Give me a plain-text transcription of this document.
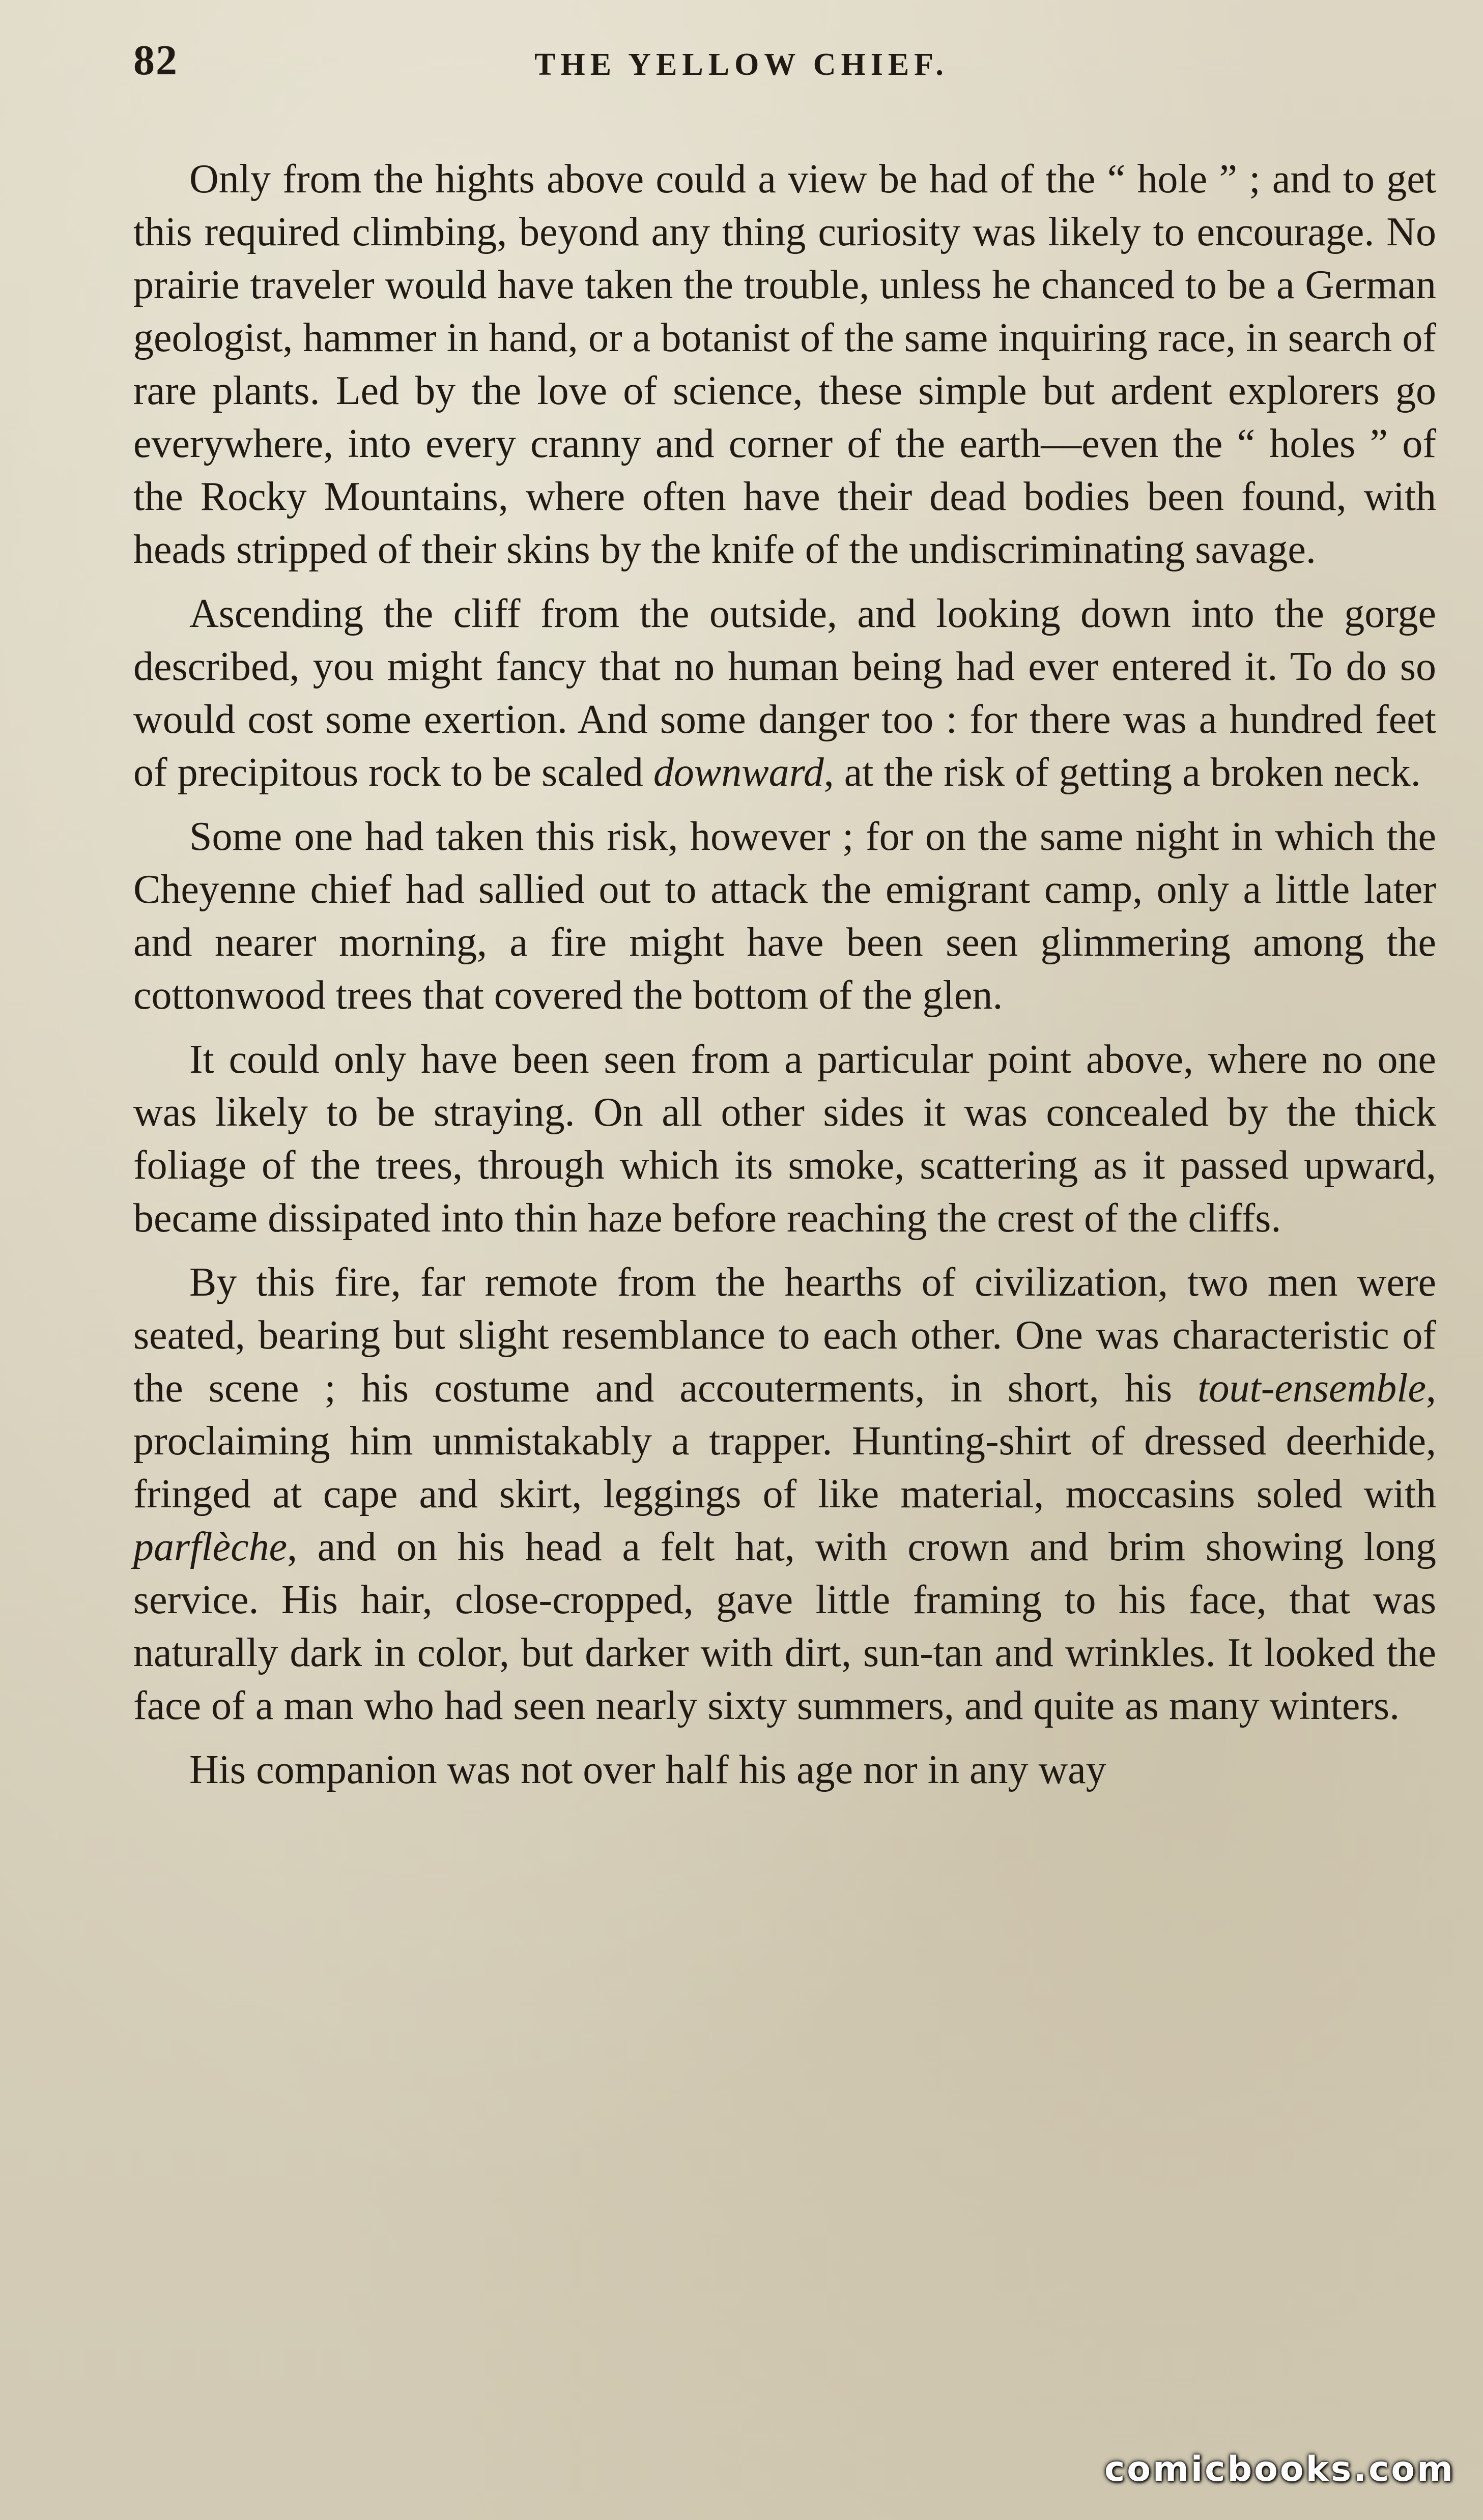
82	THE YELLOW CHIEF.

Only from the hights above could a view be had of the “ hole ” ; and to get this required climbing, beyond any thing curiosity was likely to encourage. No prairie traveler would have taken the trouble, unless he chanced to be a German geologist, hammer in hand, or a botanist of the same inquiring race, in search of rare plants. Led by the love of science, these simple but ardent explorers go everywhere, into every cranny and corner of the earth—even the “ holes ” of the Rocky Mountains, where often have their dead bodies been found, with heads stripped of their skins by the knife of the undiscriminating savage.

Ascending the cliff from the outside, and looking down into the gorge described, you might fancy that no human being had ever entered it. To do so would cost some exertion. And some danger too : for there was a hundred feet of precipitous rock to be scaled downward, at the risk of getting a broken neck.

Some one had taken this risk, however ; for on the same night in which the Cheyenne chief had sallied out to attack the emigrant camp, only a little later and nearer morning, a fire might have been seen glimmering among the cottonwood trees that covered the bottom of the glen.

It could only have been seen from a particular point above, where no one was likely to be straying. On all other sides it was concealed by the thick foliage of the trees, through which its smoke, scattering as it passed upward, became dissipated into thin haze before reaching the crest of the cliffs.

By this fire, far remote from the hearths of civilization, two men were seated, bearing but slight resemblance to each other. One was characteristic of the scene ; his costume and accouterments, in short, his tout-ensemble, proclaiming him unmistakably a trapper. Hunting-shirt of dressed deerhide, fringed at cape and skirt, leggings of like material, moccasins soled with parflèche, and on his head a felt hat, with crown and brim showing long service. His hair, close-cropped, gave little framing to his face, that was naturally dark in color, but darker with dirt, sun-tan and wrinkles. It looked the face of a man who had seen nearly sixty summers, and quite as many winters.

His companion was not over half his age nor in any way

comicbooks.com
